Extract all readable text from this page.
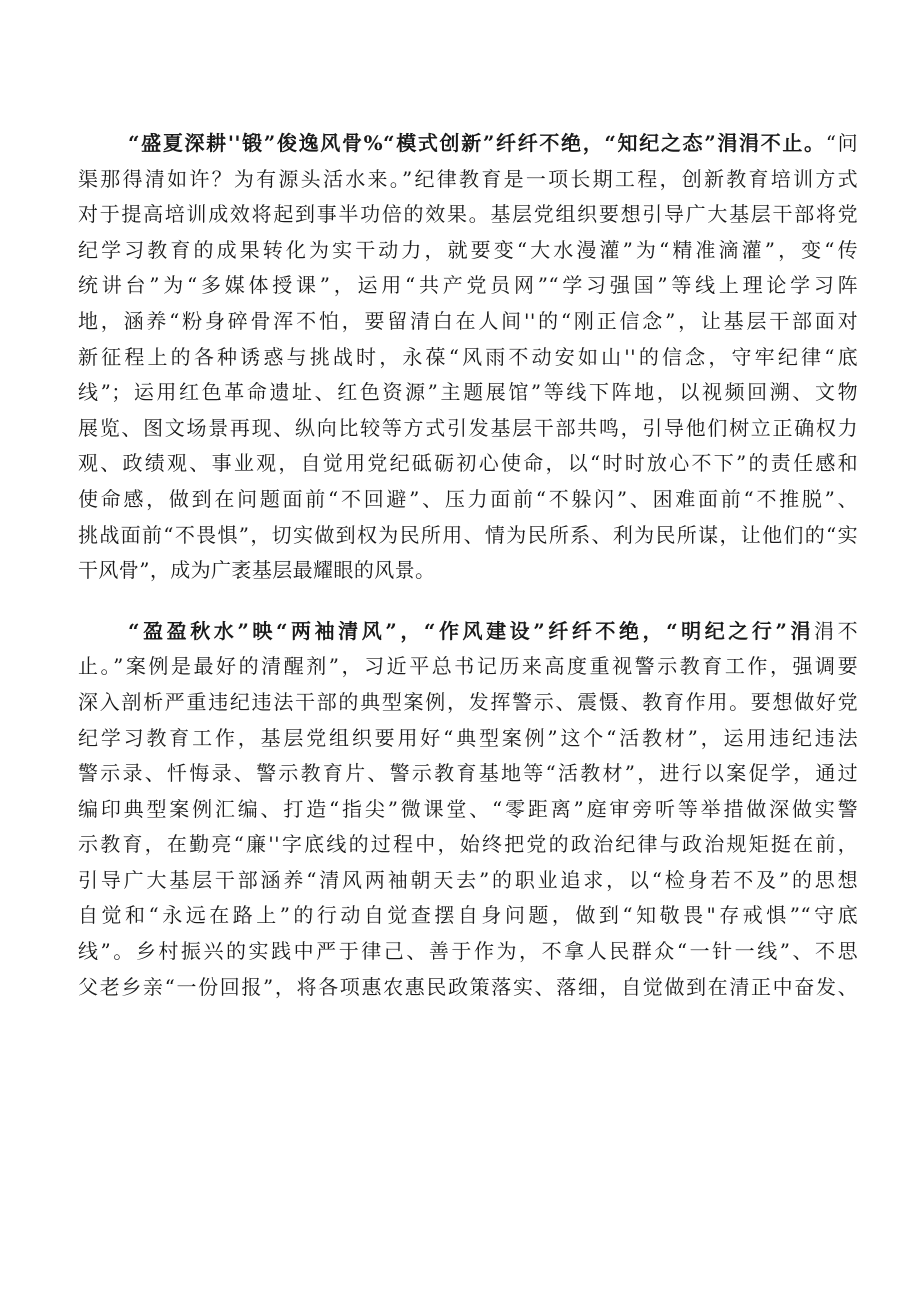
“盛夏深耕''锻”俊逸风骨%“模式创新”纤纤不绝，“知纪之态”涓涓不止。“问
渠那得清如许？为有源头活水来。”纪律教育是一项长期工程，创新教育培训方式
对于提高培训成效将起到事半功倍的效果。基层党组织要想引导广大基层干部将党
纪学习教育的成果转化为实干动力，就要变“大水漫灌”为“精准滴灌”，变“传
统讲台”为“多媒体授课”，运用“共产党员网”“学习强国”等线上理论学习阵
地，涵养“粉身碎骨浑不怕，要留清白在人间''的“刚正信念”，让基层干部面对
新征程上的各种诱惑与挑战时，永葆“风雨不动安如山''的信念，守牢纪律“底
线”；运用红色革命遗址、红色资源”主题展馆”等线下阵地，以视频回溯、文物
展览、图文场景再现、纵向比较等方式引发基层干部共鸣，引导他们树立正确权力
观、政绩观、事业观，自觉用党纪砥砺初心使命，以“时时放心不下”的责任感和
使命感，做到在问题面前“不回避”、压力面前“不躲闪”、困难面前“不推脱”、
挑战面前“不畏惧”，切实做到权为民所用、情为民所系、利为民所谋，让他们的“实
干风骨”，成为广袤基层最耀眼的风景。
“盈盈秋水”映“两袖清风”，“作风建设”纤纤不绝，“明纪之行”涓涓不
止。”案例是最好的清醒剂”，习近平总书记历来高度重视警示教育工作，强调要
深入剖析严重违纪违法干部的典型案例，发挥警示、震慑、教育作用。要想做好党
纪学习教育工作，基层党组织要用好“典型案例”这个“活教材”，运用违纪违法
警示录、忏悔录、警示教育片、警示教育基地等“活教材”，进行以案促学，通过
编印典型案例汇编、打造“指尖”微课堂、“零距离”庭审旁听等举措做深做实警
示教育，在勤亮“廉''字底线的过程中，始终把党的政治纪律与政治规矩挺在前，
引导广大基层干部涵养“清风两袖朝天去”的职业追求，以“检身若不及”的思想
自觉和“永远在路上”的行动自觉查摆自身问题，做到“知敬畏"存戒惧”“守底
线”。乡村振兴的实践中严于律己、善于作为，不拿人民群众“一针一线”、不思
父老乡亲“一份回报”，将各项惠农惠民政策落实、落细，自觉做到在清正中奋发、
